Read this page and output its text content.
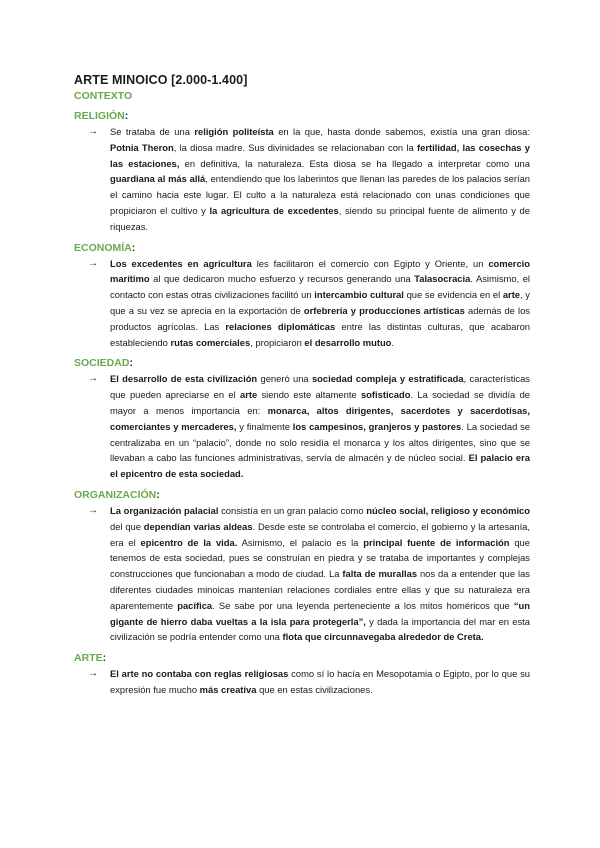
ARTE MINOICO [2.000-1.400]
CONTEXTO
RELIGIÓN:

→ Se trataba de una religión politeísta en la que, hasta donde sabemos, existía una gran diosa: Potnia Theron, la diosa madre. Sus divinidades se relacionaban con la fertilidad, las cosechas y las estaciones, en definitiva, la naturaleza. Esta diosa se ha llegado a interpretar como una guardiana al más allá, entendiendo que los laberintos que llenan las paredes de los palacios serían el camino hacia este lugar. El culto a la naturaleza está relacionado con unas condiciones que propiciaron el cultivo y la agricultura de excedentes, siendo su principal fuente de alimento y de riquezas.

ECONOMÍA:

→ Los excedentes en agricultura les facilitaron el comercio con Egipto y Oriente, un comercio marítimo al que dedicaron mucho esfuerzo y recursos generando una Talasocracia. Asimismo, el contacto con estas otras civilizaciones facilitó un intercambio cultural que se evidencia en el arte, y que a su vez se aprecia en la exportación de orfebrería y producciones artísticas además de los productos agrícolas. Las relaciones diplomáticas entre las distintas culturas, que acabaron estableciendo rutas comerciales, propiciaron el desarrollo mutuo.

SOCIEDAD:

→ El desarrollo de esta civilización generó una sociedad compleja y estratificada, características que pueden apreciarse en el arte siendo este altamente sofisticado. La sociedad se dividía de mayor a menos importancia en: monarca, altos dirigentes, sacerdotes y sacerdotisas, comerciantes y mercaderes, y finalmente los campesinos, granjeros y pastores. La sociedad se centralizaba en un “palacio”, donde no solo residía el monarca y los altos dirigentes, sino que se llevaban a cabo las funciones administrativas, servía de almacén y de núcleo social. El palacio era el epicentro de esta sociedad.

ORGANIZACIÓN:

→ La organización palacial consistía en un gran palacio como núcleo social, religioso y económico del que dependían varias aldeas. Desde este se controlaba el comercio, el gobierno y la artesanía, era el epicentro de la vida. Asimismo, el palacio es la principal fuente de información que tenemos de esta sociedad, pues se construían en piedra y se trataba de importantes y complejas construcciones que funcionaban a modo de ciudad. La falta de murallas nos da a entender que las diferentes ciudades minoicas mantenían relaciones cordiales entre ellas y que su naturaleza era aparentemente pacífica. Se sabe por una leyenda perteneciente a los mitos homéricos que “un gigante de hierro daba vueltas a la isla para protegerla”, y dada la importancia del mar en esta civilización se podría entender como una flota que circunnavegaba alrededor de Creta.

ARTE:

→ El arte no contaba con reglas religiosas como sí lo hacía en Mesopotamia o Egipto, por lo que su expresión fue mucho más creativa que en estas civilizaciones.
